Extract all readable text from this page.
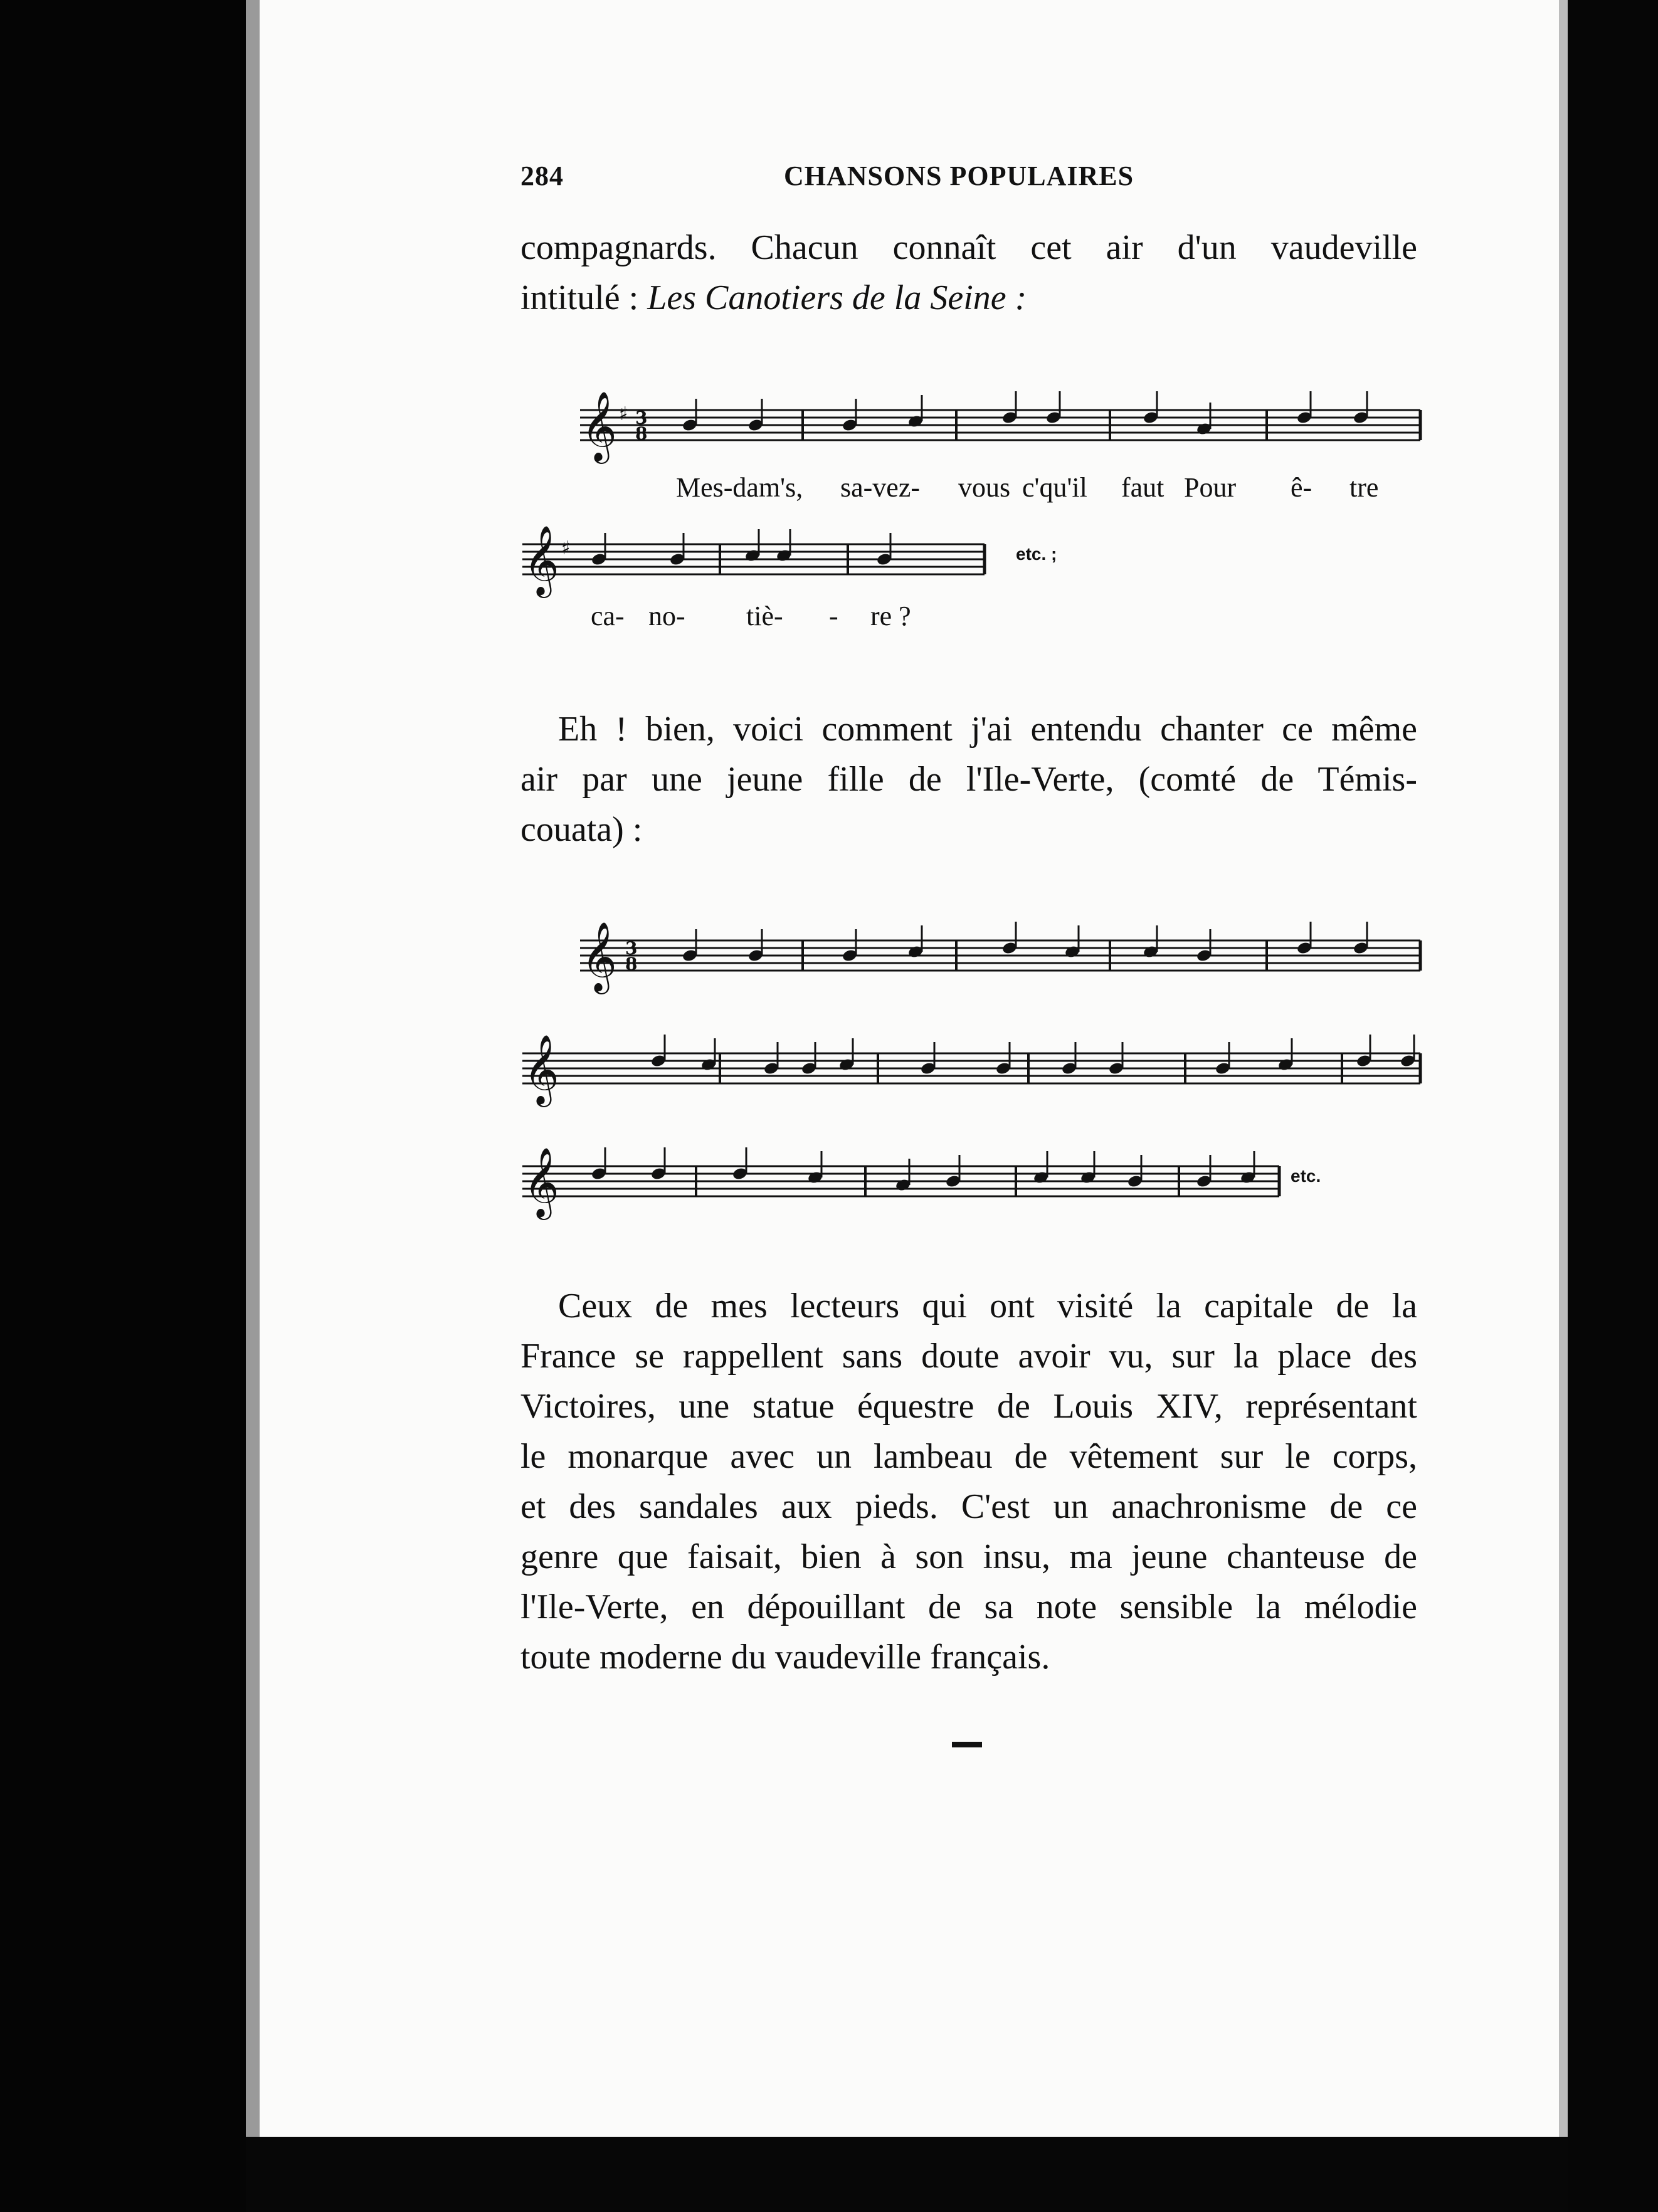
284	CHANSONS POPULAIRES
compagnards. Chacun connaît cet air d'un vaudeville
intitulé : Les Canotiers de la Seine :
𝄞 ♯ 3
8
𝄞 ♯
𝄞 3
8
𝄞
𝄞
Mes-dam's, sa-vez- vous c'qu'il faut Pour ê- tre
ca- no- tiè- - re ?
etc. ;
Eh ! bien, voici comment j'ai entendu chanter ce même
air par une jeune fille de l'Ile-Verte, (comté de Témis-
couata) :
etc.
Ceux de mes lecteurs qui ont visité la capitale de la
France se rappellent sans doute avoir vu, sur la place des
Victoires, une statue équestre de Louis XIV, représentant
le monarque avec un lambeau de vêtement sur le corps,
et des sandales aux pieds. C'est un anachronisme de ce
genre que faisait, bien à son insu, ma jeune chanteuse de
l'Ile-Verte, en dépouillant de sa note sensible la mélodie
toute moderne du vaudeville français.
